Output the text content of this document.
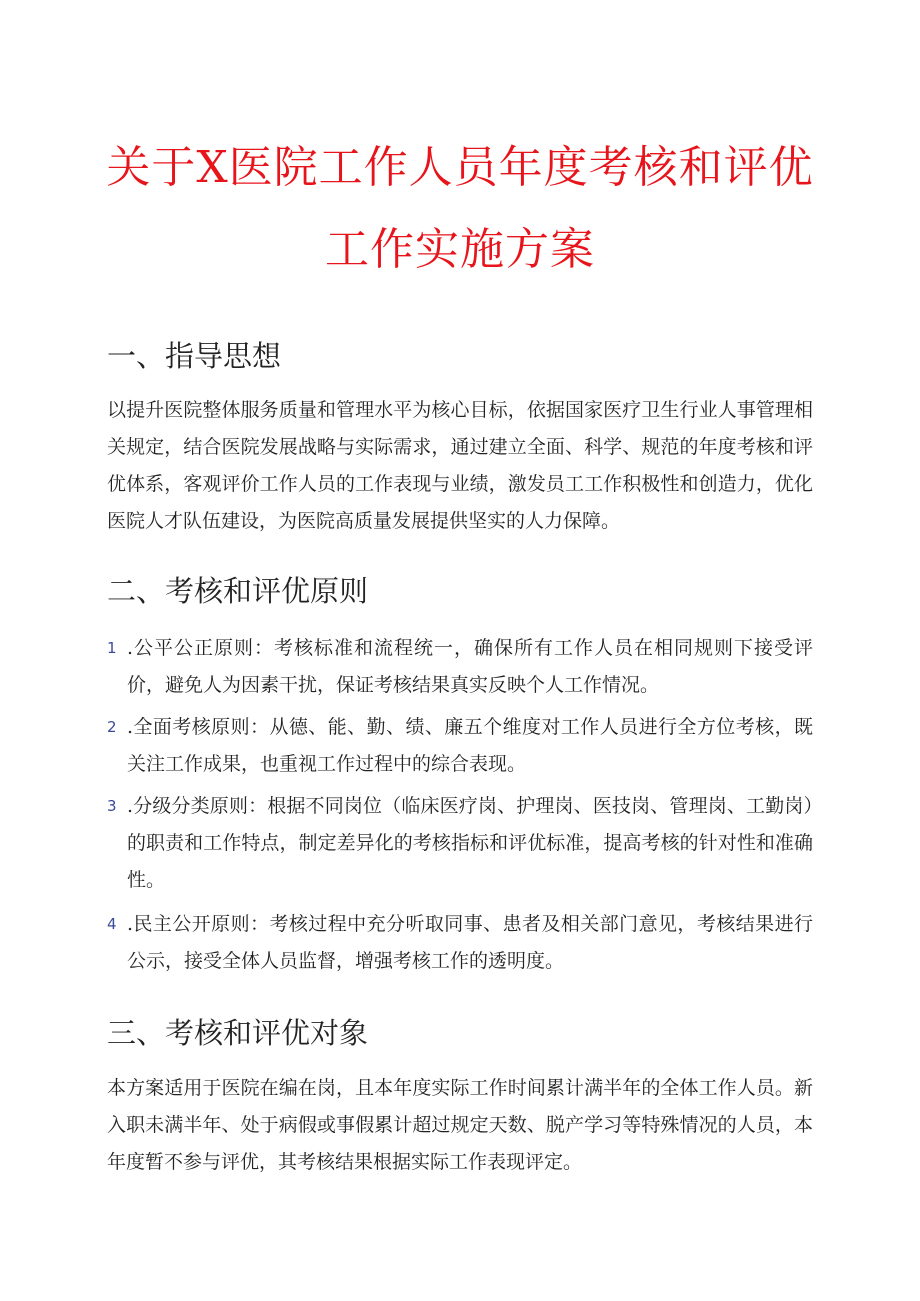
关于X医院工作人员年度考核和评优
工作实施方案
一、指导思想
以提升医院整体服务质量和管理水平为核心目标，依据国家医疗卫生行业人事管理相关规定，结合医院发展战略与实际需求，通过建立全面、科学、规范的年度考核和评优体系，客观评价工作人员的工作表现与业绩，激发员工工作积极性和创造力，优化医院人才队伍建设，为医院高质量发展提供坚实的人力保障。
二、考核和评优原则
1 .公平公正原则：考核标准和流程统一，确保所有工作人员在相同规则下接受评价，避免人为因素干扰，保证考核结果真实反映个人工作情况。
2 .全面考核原则：从德、能、勤、绩、廉五个维度对工作人员进行全方位考核，既关注工作成果，也重视工作过程中的综合表现。
3 .分级分类原则：根据不同岗位（临床医疗岗、护理岗、医技岗、管理岗、工勤岗）的职责和工作特点，制定差异化的考核指标和评优标准，提高考核的针对性和准确性。
4 .民主公开原则：考核过程中充分听取同事、患者及相关部门意见，考核结果进行公示，接受全体人员监督，增强考核工作的透明度。
三、考核和评优对象
本方案适用于医院在编在岗，且本年度实际工作时间累计满半年的全体工作人员。新入职未满半年、处于病假或事假累计超过规定天数、脱产学习等特殊情况的人员，本年度暂不参与评优，其考核结果根据实际工作表现评定。
